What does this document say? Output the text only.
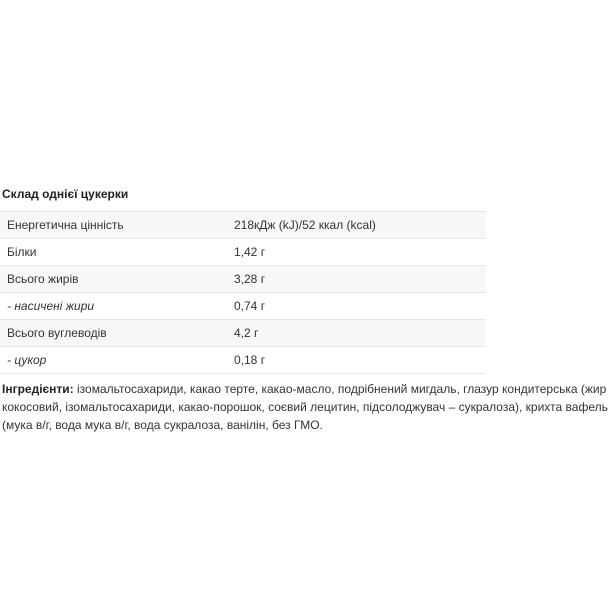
Склад однієї цукерки
Енергетична цінність	218кДж (kJ)/52 ккал (kcal)
Білки	1,42 г
Всього жирів	3,28 г
- насичені жири	0,74 г
Всього вуглеводів	4,2 г
- цукор	0,18 г
Інгредієнти: ізомальтосахариди, какао терте, какао-масло, подрібнений мигдаль, глазур кондитерська (жир кокосовий, ізомальтосахариди, какао-порошок, соєвий лецитин, підсолоджувач – сукралоза), крихта вафель (мука в/г, вода мука в/г, вода сукралоза, ванілін, без ГМО.
